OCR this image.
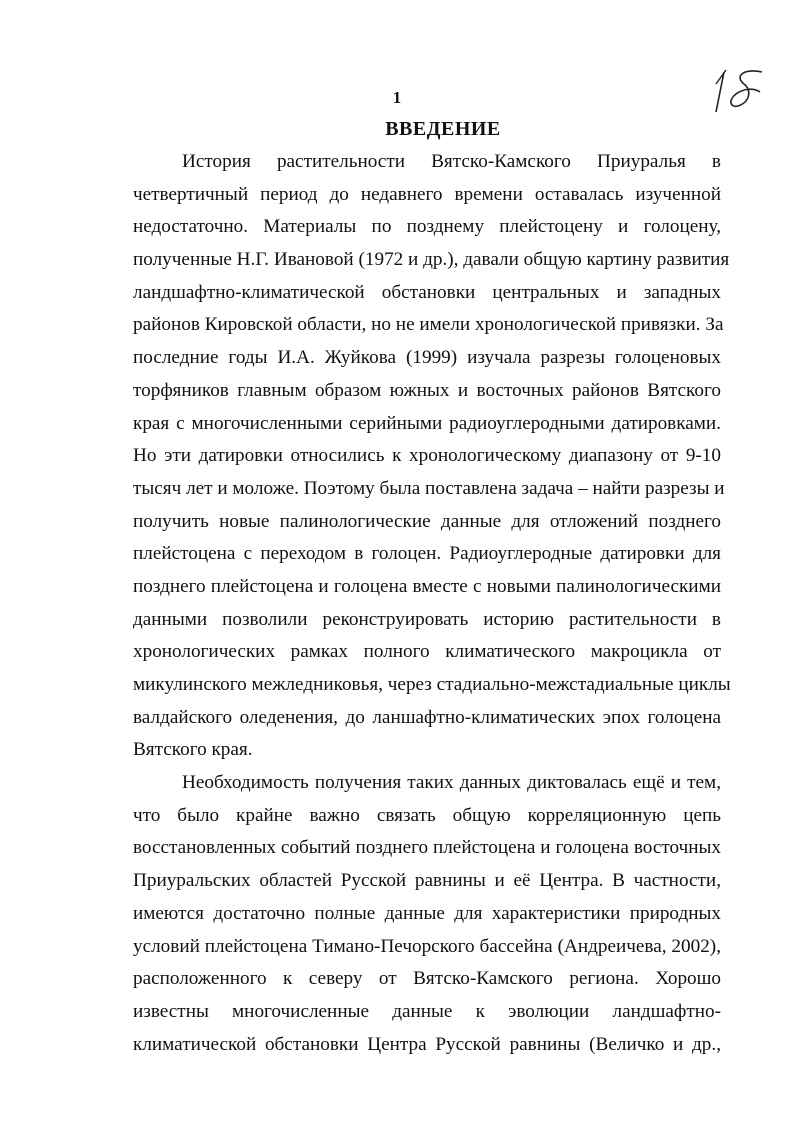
1
ВВЕДЕНИЕ
История растительности Вятско-Камского Приуралья в
четвертичный период до недавнего времени оставалась изученной
недостаточно. Материалы по позднему плейстоцену и голоцену,
полученные Н.Г. Ивановой (1972 и др.), давали общую картину развития
ландшафтно-климатической обстановки центральных и западных
районов Кировской области, но не имели хронологической привязки. За
последние годы И.А. Жуйкова (1999) изучала разрезы голоценовых
торфяников главным образом южных и восточных районов Вятского
края с многочисленными серийными радиоуглеродными датировками.
Но эти датировки относились к хронологическому диапазону от 9-10
тысяч лет и моложе. Поэтому была поставлена задача – найти разрезы и
получить новые палинологические данные для отложений позднего
плейстоцена с переходом в голоцен. Радиоуглеродные датировки для
позднего плейстоцена и голоцена вместе с новыми палинологическими
данными позволили реконструировать историю растительности в
хронологических рамках полного климатического макроцикла от
микулинского межледниковья, через стадиально-межстадиальные циклы
валдайского оледенения, до ланшафтно-климатических эпох голоцена
Вятского края.
Необходимость получения таких данных диктовалась ещё и тем,
что было крайне важно связать общую корреляционную цепь
восстановленных событий позднего плейстоцена и голоцена восточных
Приуральских областей Русской равнины и её Центра. В частности,
имеются достаточно полные данные для характеристики природных
условий плейстоцена Тимано-Печорского бассейна (Андреичева, 2002),
расположенного к северу от Вятско-Камского региона. Хорошо
известны многочисленные данные к эволюции ландшафтно-
климатической обстановки Центра Русской равнины (Величко и др.,
